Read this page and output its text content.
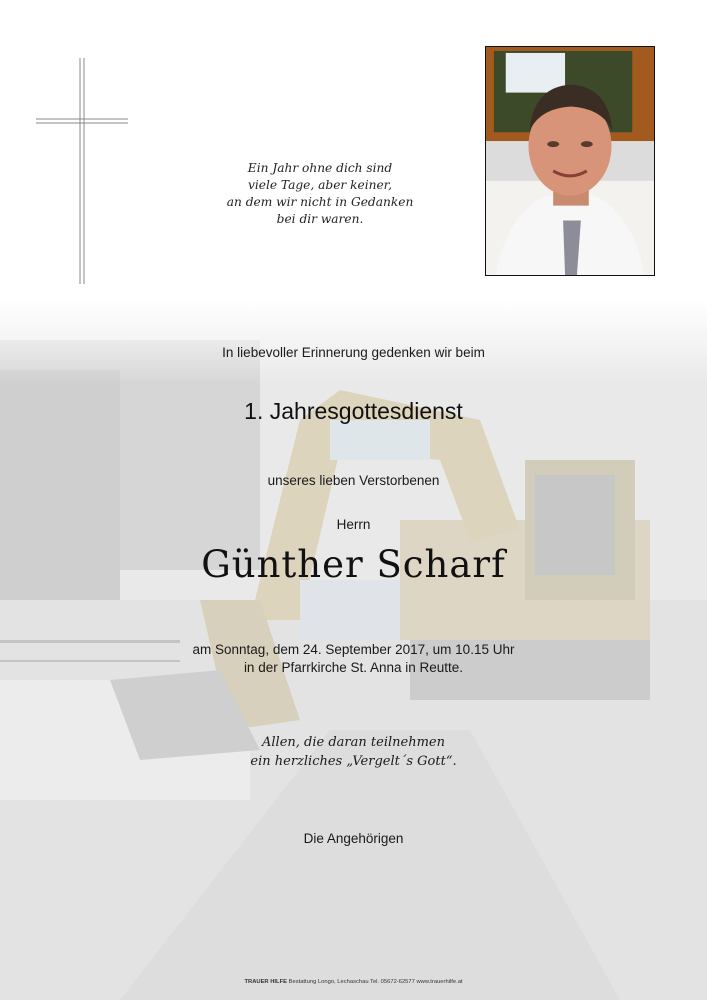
Ein Jahr ohne dich sind
viele Tage, aber keiner,
an dem wir nicht in Gedanken
bei dir waren.
In liebevoller Erinnerung gedenken wir beim
1. Jahresgottesdienst
unseres lieben Verstorbenen
Herrn
Günther Scharf
am Sonntag, dem 24. September 2017, um 10.15 Uhr
in der Pfarrkirche St. Anna in Reutte.
Allen, die daran teilnehmen
ein herzliches „Vergelt´s Gott“.
Die Angehörigen
TRAUER HILFE Bestattung Longo, Lechaschau Tel. 05672-62577 www.trauerhilfe.at
